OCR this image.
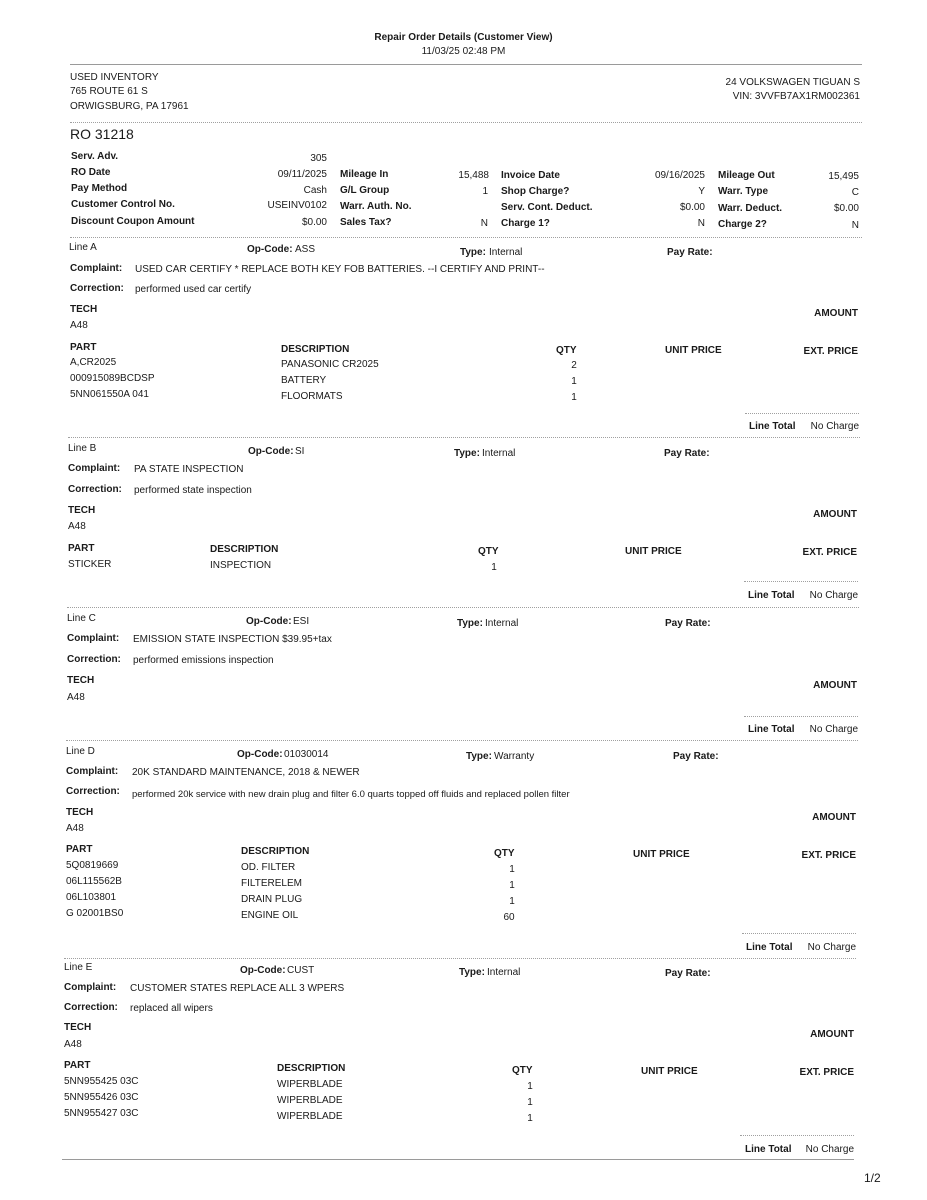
Repair Order Details (Customer View)
11/03/25 02:48 PM
USED INVENTORY
765 ROUTE 61 S
ORWIGSBURG, PA 17961
24 VOLKSWAGEN TIGUAN S
VIN: 3VVFB7AX1RM002361
RO 31218
Serv. Adv.	305
RO Date	09/11/2025
Pay Method	Cash
Customer Control No.	USEINV0102
Discount Coupon Amount	$0.00
Mileage In	15,488
G/L Group	1
Warr. Auth. No.
Sales Tax?	N
Invoice Date	09/16/2025
Shop Charge?	Y
Serv. Cont. Deduct.	$0.00
Charge 1?	N
Mileage Out	15,495
Warr. Type	C
Warr. Deduct.	$0.00
Charge 2?	N
Line A	Op-Code: ASS	Type: Internal	Pay Rate:
Complaint: USED CAR CERTIFY * REPLACE BOTH KEY FOB BATTERIES. --I CERTIFY AND PRINT--
Correction: performed used car certify
TECH	AMOUNT
A48
PART	DESCRIPTION	QTY	UNIT PRICE	EXT. PRICE
A,CR2025	PANASONIC CR2025	2
000915089BCDSP	BATTERY	1
5NN061550A 041	FLOORMATS	1
Line Total No Charge
Line B	Op-Code: SI	Type: Internal	Pay Rate:
Complaint: PA STATE INSPECTION
Correction: performed state inspection
TECH	AMOUNT
A48
PART	DESCRIPTION	QTY	UNIT PRICE	EXT. PRICE
STICKER	INSPECTION	1
Line Total No Charge
Line C	Op-Code: ESI	Type: Internal	Pay Rate:
Complaint: EMISSION STATE INSPECTION $39.95+tax
Correction: performed emissions inspection
TECH	AMOUNT
A48
Line Total No Charge
Line D	Op-Code: 01030014	Type: Warranty	Pay Rate:
Complaint: 20K STANDARD MAINTENANCE, 2018 & NEWER
Correction: performed 20k service with new drain plug and filter 6.0 quarts topped off fluids and replaced pollen filter
TECH	AMOUNT
A48
PART	DESCRIPTION	QTY	UNIT PRICE	EXT. PRICE
5Q0819669	OD. FILTER	1
06L115562B	FILTERELEM	1
06L103801	DRAIN PLUG	1
G 02001BS0	ENGINE OIL	60
Line Total No Charge
Line E	Op-Code: CUST	Type: Internal	Pay Rate:
Complaint: CUSTOMER STATES REPLACE ALL 3 WPERS
Correction: replaced all wipers
TECH
AMOUNT
A48
PART	DESCRIPTION	QTY	UNIT PRICE	EXT. PRICE
5NN955425 03C	WIPERBLADE	1
5NN955426 03C	WIPERBLADE	1
5NN955427 03C	WIPERBLADE	1
Line Total No Charge
1/2
